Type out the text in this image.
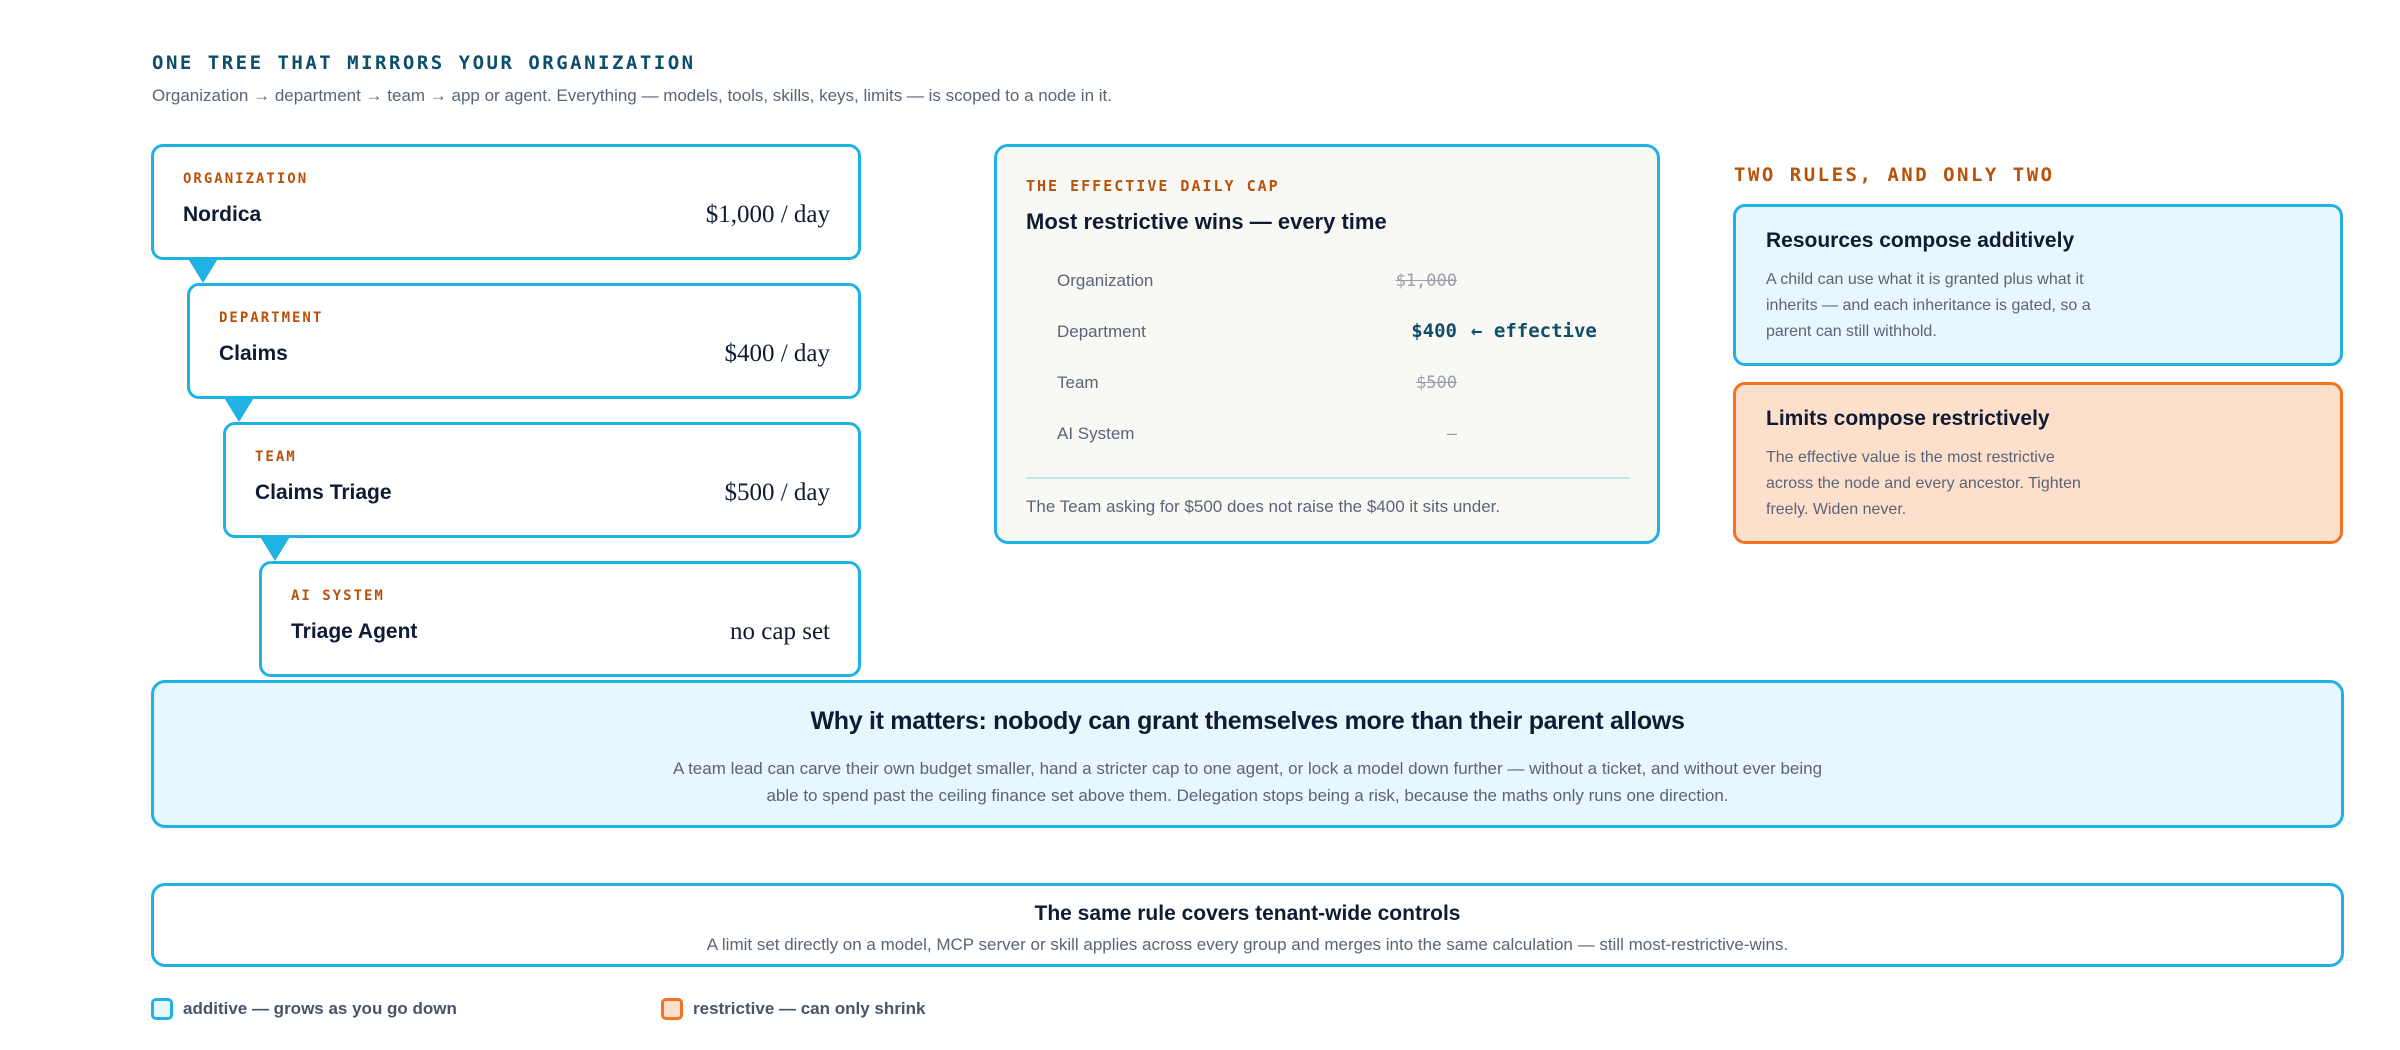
ONE TREE THAT MIRRORS YOUR ORGANIZATION
Organization → department → team → app or agent. Everything — models, tools, skills, keys, limits — is scoped to a node in it.
ORGANIZATION
Nordica	$1,000 / day
DEPARTMENT
Claims	$400 / day
TEAM
Claims Triage	$500 / day
AI SYSTEM
Triage Agent	no cap set
THE EFFECTIVE DAILY CAP
Most restrictive wins — every time
Organization	$1,000
Department	$400 ← effective
Team	$500
AI System	–
The Team asking for $500 does not raise the $400 it sits under.
TWO RULES, AND ONLY TWO
Resources compose additively
A child can use what it is granted plus what it inherits — and each inheritance is gated, so a parent can still withhold.
Limits compose restrictively
The effective value is the most restrictive across the node and every ancestor. Tighten freely. Widen never.
Why it matters: nobody can grant themselves more than their parent allows
A team lead can carve their own budget smaller, hand a stricter cap to one agent, or lock a model down further — without a ticket, and without ever being able to spend past the ceiling finance set above them. Delegation stops being a risk, because the maths only runs one direction.
The same rule covers tenant-wide controls
A limit set directly on a model, MCP server or skill applies across every group and merges into the same calculation — still most-restrictive-wins.
additive — grows as you go down	restrictive — can only shrink
